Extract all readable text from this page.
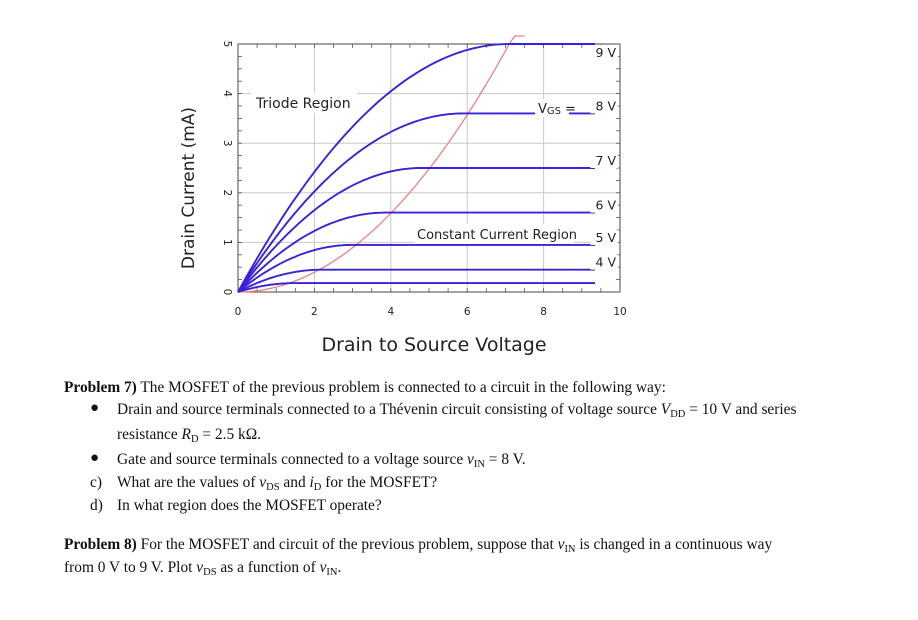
0	2	4	6	8	10
0
1
2
3
4
5
9 V
8 V
7 V
6 V
5 V
4 V
Triode Region
Constant Current Region
VGS =
Drain to Source Voltage
Drain Current (mA)
Problem 7) The MOSFET of the previous problem is connected to a circuit in the following way:
● Drain and source terminals connected to a Thévenin circuit consisting of voltage source $V_{DD} = 10$ V and series
resistance $R_D = 2.5$ kΩ.
● Gate and source terminals connected to a voltage source $v_{IN} = 8$ V.
c) What are the values of $v_{DS}$ and $i_D$ for the MOSFET?
d) In what region does the MOSFET operate?
Problem 8) For the MOSFET and circuit of the previous problem, suppose that $v_{IN}$ is changed in a continuous way
from 0 V to 9 V. Plot $v_{DS}$ as a function of $v_{IN}$.
